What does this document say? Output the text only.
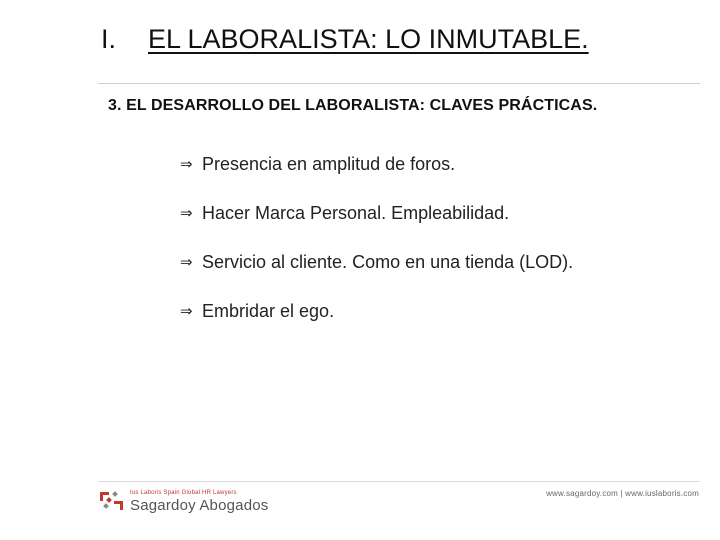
I.	EL LABORALISTA: LO INMUTABLE.
3. EL DESARROLLO DEL LABORALISTA: CLAVES PRÁCTICAS.
⇒ Presencia en amplitud de foros.
⇒ Hacer Marca Personal. Empleabilidad.
⇒ Servicio al cliente. Como en una tienda (LOD).
⇒ Embridar el ego.
Ius Laboris Spain Global HR Lawyers
Sagardoy Abogados
www.sagardoy.com | www.iuslaboris.com
